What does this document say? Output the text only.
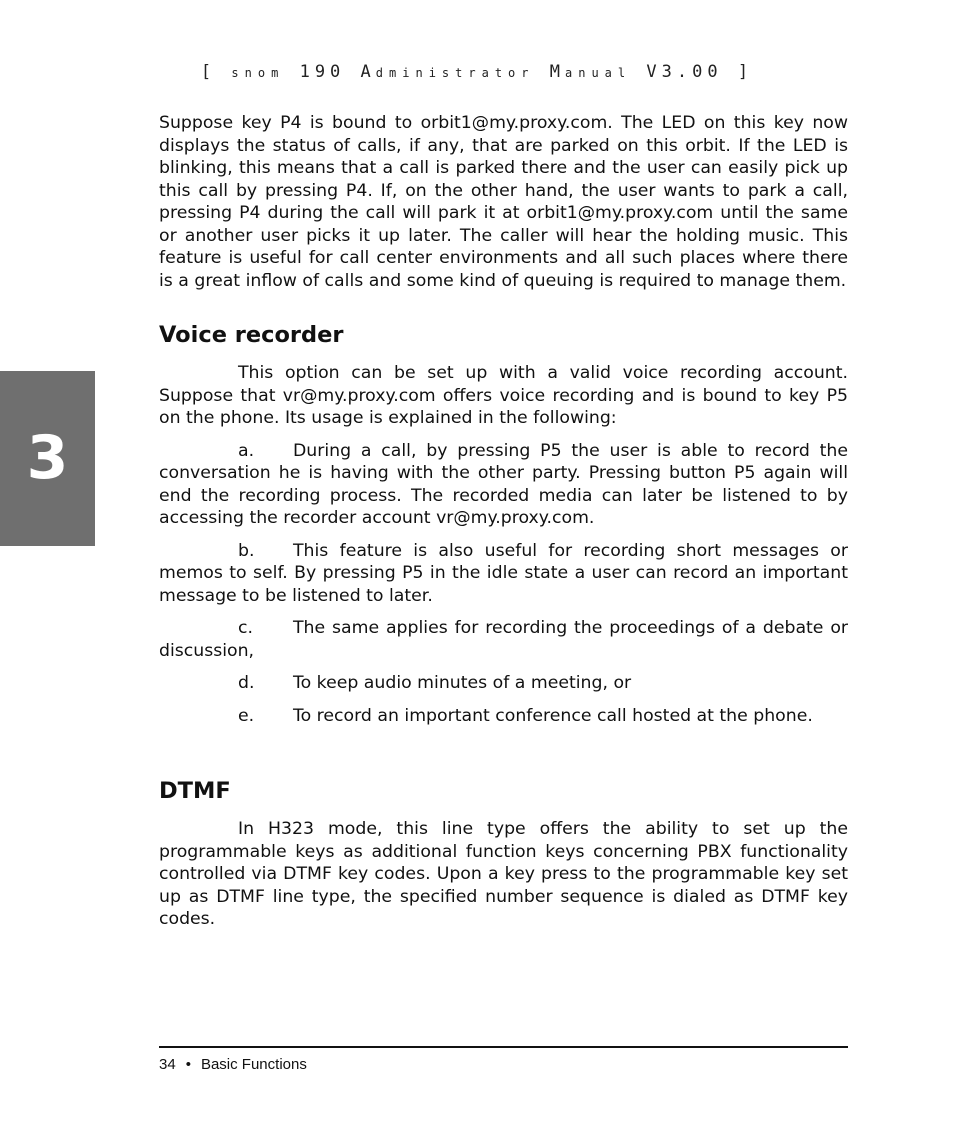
[ snom 190 Administrator Manual V3.00 ]
3

Suppose key P4 is bound to orbit1@my.proxy.com. The LED on this key now displays the status of calls, if any, that are parked on this orbit. If the LED is blinking, this means that a call is parked there and the user can easily pick up this call by pressing P4. If, on the other hand, the user wants to park a call, pressing P4 during the call will park it at orbit1@my.proxy.com until the same or another user picks it up later. The caller will hear the holding music. This feature is useful for call center environments and all such places where there is a great inflow of calls and some kind of queuing is required to manage them.

Voice recorder

This option can be set up with a valid voice recording account. Suppose that vr@my.proxy.com offers voice recording and is bound to key P5 on the phone. Its usage is explained in the following:

a. During a call, by pressing P5 the user is able to record the conversation he is having with the other party. Pressing button P5 again will end the recording process. The recorded media can later be listened to by accessing the recorder account vr@my.proxy.com.

b. This feature is also useful for recording short messages or memos to self. By pressing P5 in the idle state a user can record an important message to be listened to later.

c. The same applies for recording the proceedings of a debate or discussion,

d. To keep audio minutes of a meeting, or

e. To record an important conference call hosted at the phone.

DTMF

In H323 mode, this line type offers the ability to set up the programmable keys as additional function keys concerning PBX functionality controlled via DTMF key codes. Upon a key press to the programmable key set up as DTMF line type, the specified number sequence is dialed as DTMF key codes.

34 • Basic Functions
